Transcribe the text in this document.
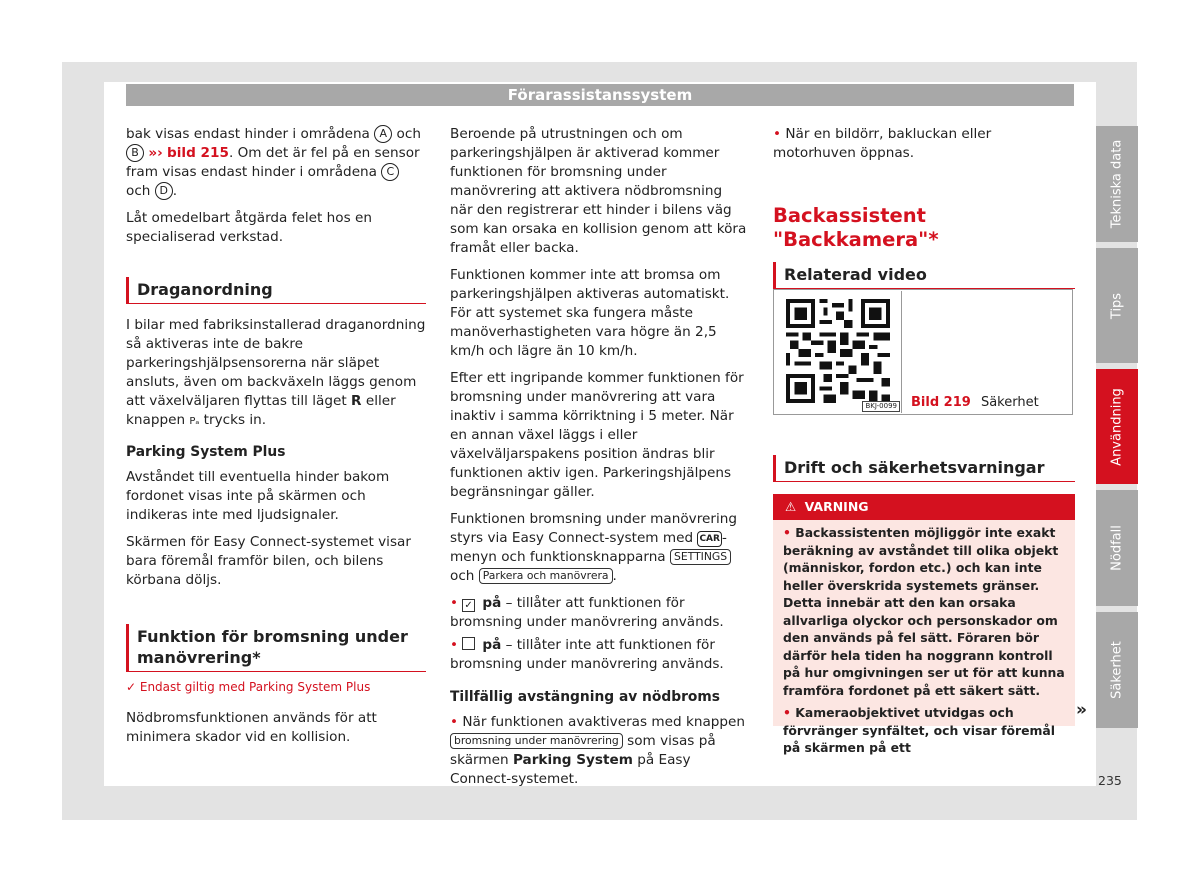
Förarassistanssystem

bak visas endast hinder i områdena A och B »› bild 215. Om det är fel på en sensor fram visas endast hinder i områdena C och D .

Låt omedelbart åtgärda felet hos en specialiserad verkstad.

Draganordning

I bilar med fabriksinstallerad draganordning så aktiveras inte de bakre parkeringshjälpsensorerna när släpet ansluts, även om backväxeln läggs genom att växelväljaren flyttas till läget R eller knappen Pₐ trycks in.

Parking System Plus

Avståndet till eventuella hinder bakom fordonet visas inte på skärmen och indikeras inte med ljudsignaler.

Skärmen för Easy Connect-systemet visar bara föremål framför bilen, och bilens körbana döljs.

Funktion för bromsning under manövrering*
✓ Endast giltig med Parking System Plus

Nödbromsfunktionen används för att minimera skador vid en kollision.

Beroende på utrustningen och om parkeringshjälpen är aktiverad kommer funktionen för bromsning under manövrering att aktivera nödbromsning när den registrerar ett hinder i bilens väg som kan orsaka en kollision genom att köra framåt eller backa.

Funktionen kommer inte att bromsa om parkeringshjälpen aktiveras automatiskt. För att systemet ska fungera måste manöverhastigheten vara högre än 2,5 km/h och lägre än 10 km/h.

Efter ett ingripande kommer funktionen för bromsning under manövrering att vara inaktiv i samma körriktning i 5 meter. När en annan växel läggs i eller växelväljarspakens position ändras blir funktionen aktiv igen. Parkeringshjälpens begränsningar gäller.

Funktionen bromsning under manövrering styrs via Easy Connect-system med CAR -menyn och funktionsknapparna SETTINGS och Parkera och manövrera .

• ✓ på – tillåter att funktionen för bromsning under manövrering används.

• på – tillåter inte att funktionen för bromsning under manövrering används.

Tillfällig avstängning av nödbroms

• När funktionen avaktiveras med knappen bromsning under manövrering som visas på skärmen Parking System på Easy Connect-systemet.

• När en bildörr, bakluckan eller motorhuven öppnas.

Backassistent "Backkamera"*
Relaterad video
BKJ-0099 Bild 219 Säkerhet
Drift och säkerhetsvarningar
⚠ VARNING

• Backassistenten möjliggör inte exakt beräkning av avståndet till olika objekt (människor, fordon etc.) och kan inte heller överskrida systemets gränser. Detta innebär att den kan orsaka allvarliga olyckor och personskador om den används på fel sätt. Föraren bör därför hela tiden ha noggrann kontroll på hur omgivningen ser ut för att kunna framföra fordonet på ett säkert sätt.

• Kameraobjektivet utvidgas och förvränger synfältet, och visar föremål på skärmen på ett

»
Tekniska data
Tips
Användning
Nödfall
Säkerhet
235
